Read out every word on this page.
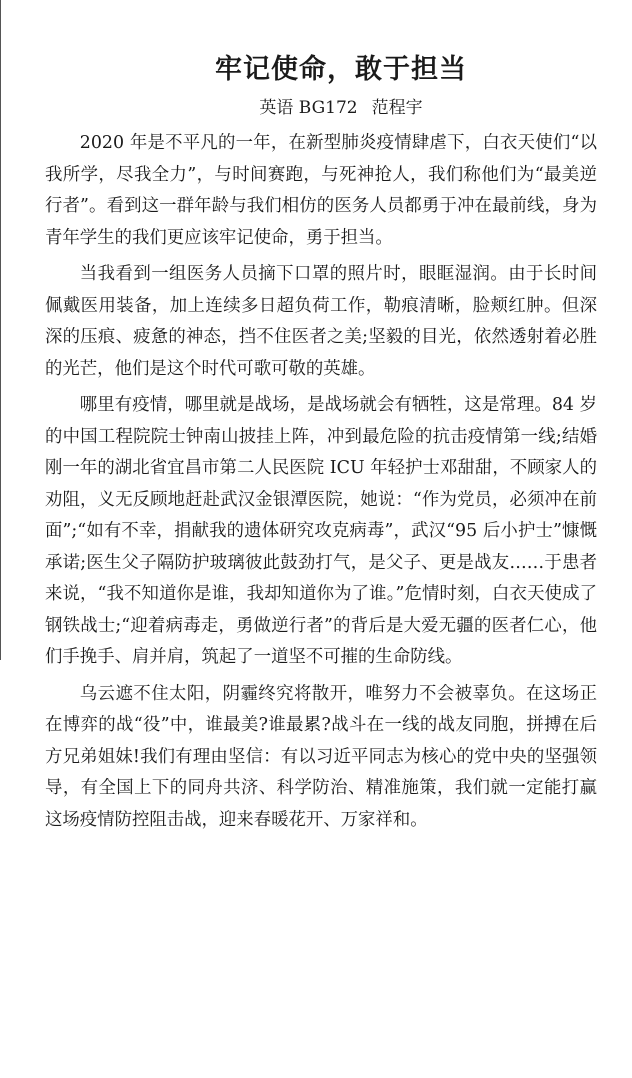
牢记使命，敢于担当

英语 BG172 范程宇

2020 年是不平凡的一年，在新型肺炎疫情肆虐下，白衣天使们“以我所学，尽我全力”，与时间赛跑，与死神抢人，我们称他们为“最美逆行者”。看到这一群年龄与我们相仿的医务人员都勇于冲在最前线，身为青年学生的我们更应该牢记使命，勇于担当。

当我看到一组医务人员摘下口罩的照片时，眼眶湿润。由于长时间佩戴医用装备，加上连续多日超负荷工作，勒痕清晰，脸颊红肿。但深深的压痕、疲惫的神态，挡不住医者之美;坚毅的目光，依然透射着必胜的光芒，他们是这个时代可歌可敬的英雄。

哪里有疫情，哪里就是战场，是战场就会有牺牲，这是常理。84 岁的中国工程院院士钟南山披挂上阵，冲到最危险的抗击疫情第一线;结婚刚一年的湖北省宜昌市第二人民医院 ICU 年轻护士邓甜甜，不顾家人的劝阻，义无反顾地赶赴武汉金银潭医院，她说：“作为党员，必须冲在前面”;“如有不幸，捐献我的遗体研究攻克病毒”，武汉“95 后小护士”慷慨承诺;医生父子隔防护玻璃彼此鼓劲打气，是父子、更是战友……于患者来说，“我不知道你是谁，我却知道你为了谁。”危情时刻，白衣天使成了钢铁战士;“迎着病毒走，勇做逆行者”的背后是大爱无疆的医者仁心，他们手挽手、肩并肩，筑起了一道坚不可摧的生命防线。

乌云遮不住太阳，阴霾终究将散开，唯努力不会被辜负。在这场正在博弈的战“役”中，谁最美?谁最累?战斗在一线的战友同胞，拼搏在后方兄弟姐妹!我们有理由坚信：有以习近平同志为核心的党中央的坚强领导，有全国上下的同舟共济、科学防治、精准施策，我们就一定能打赢这场疫情防控阻击战，迎来春暖花开、万家祥和。
